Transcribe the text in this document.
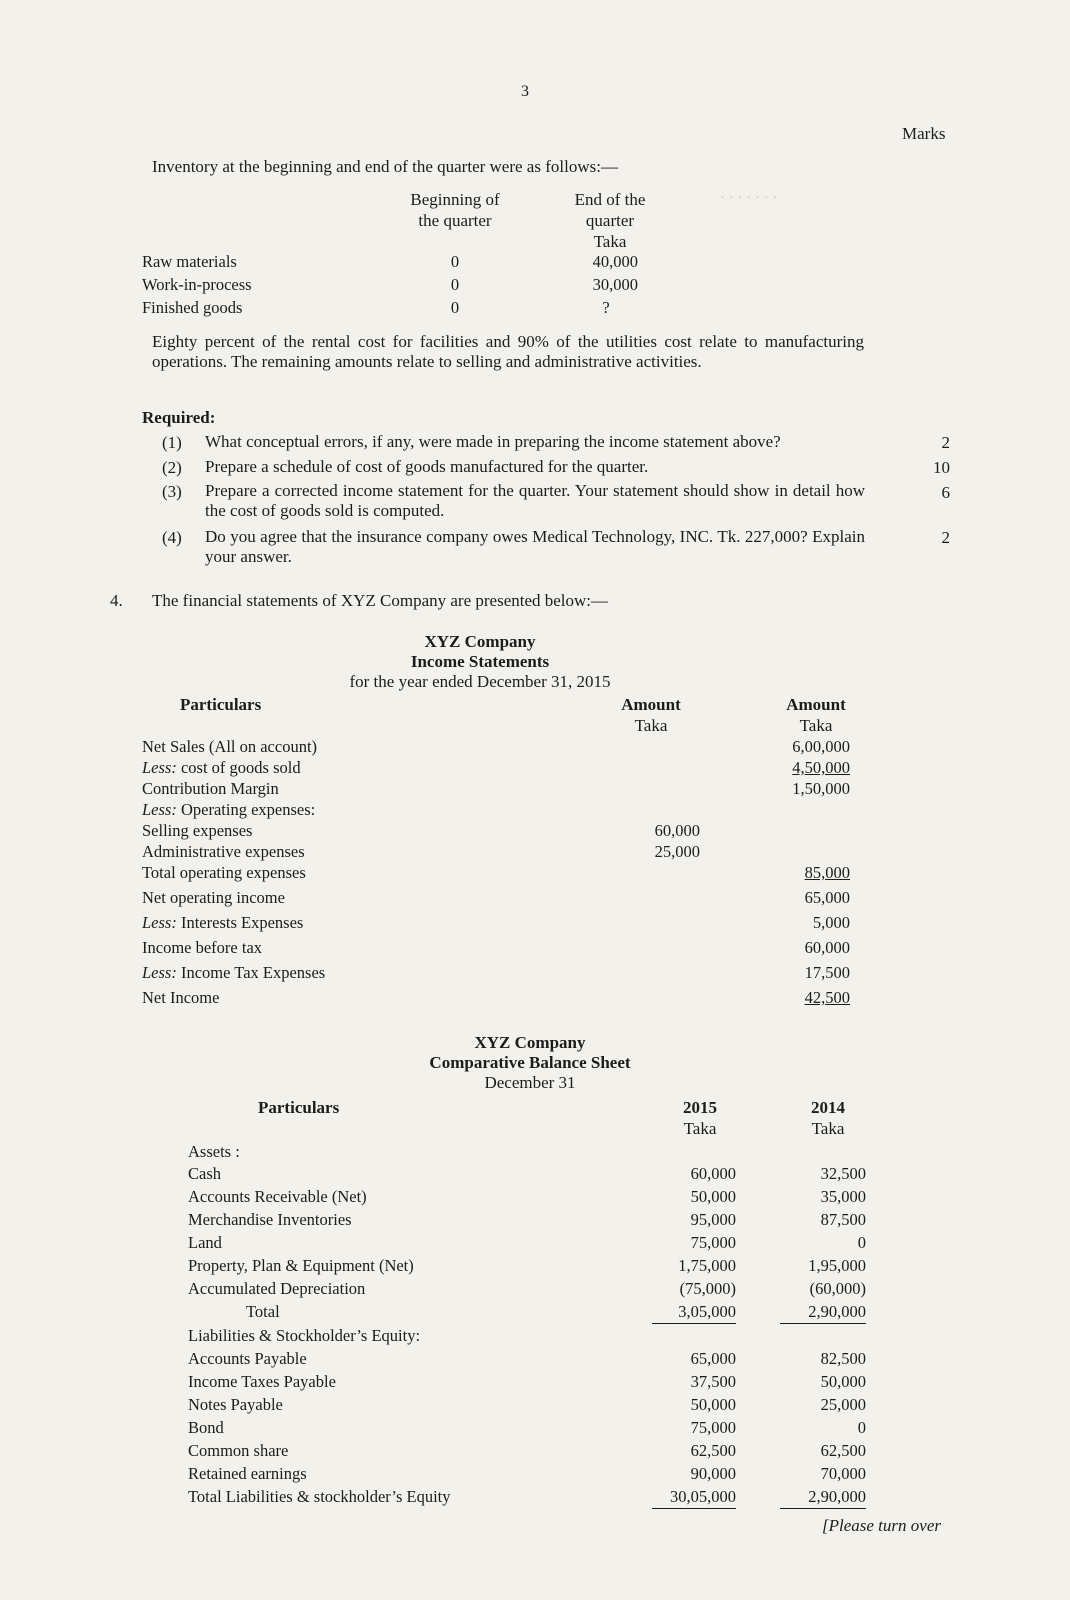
· · · · · · ·
3
Marks
Inventory at the beginning and end of the quarter were as follows:—
Beginning of
the quarter
End of the
quarter
Taka
Raw materials	0	40,000
Work-in-process	0	30,000
Finished goods	0	?
Eighty percent of the rental cost for facilities and 90% of the utilities cost relate to manufacturing operations. The remaining amounts relate to selling and administrative activities.
Required:
(1) What conceptual errors, if any, were made in preparing the income statement above?	2
(2) Prepare a schedule of cost of goods manufactured for the quarter.	10
(3) Prepare a corrected income statement for the quarter. Your statement should show in detail how the cost of goods sold is computed.
6
(4) Do you agree that the insurance company owes Medical Technology, INC. Tk. 227,000? Explain your answer.
2
4. The financial statements of XYZ Company are presented below:—
XYZ Company
Income Statements
for the year ended December 31, 2015
Particulars	Amount
Taka
Amount
Taka
Net Sales (All on account)	6,00,000
Less: cost of goods sold	4,50,000
Contribution Margin	1,50,000
Less: Operating expenses:
Selling expenses	60,000
Administrative expenses	25,000
Total operating expenses	85,000
Net operating income	65,000
Less: Interests Expenses	5,000
Income before tax	60,000
Less: Income Tax Expenses	17,500
Net Income	42,500
XYZ Company
Comparative Balance Sheet
December 31
Particulars	2015
Taka
2014
Taka
Assets :
Cash	60,000	32,500
Accounts Receivable (Net)	50,000	35,000
Merchandise Inventories	95,000	87,500
Land	75,000	0
Property, Plan & Equipment (Net)	1,75,000	1,95,000
Accumulated Depreciation	(75,000)	(60,000)
Total	3,05,000	2,90,000
Liabilities & Stockholder’s Equity:
Accounts Payable	65,000	82,500
Income Taxes Payable	37,500	50,000
Notes Payable	50,000	25,000
Bond	75,000	0
Common share	62,500	62,500
Retained earnings	90,000	70,000
Total Liabilities & stockholder’s Equity	30,05,000	2,90,000
[Please turn over
